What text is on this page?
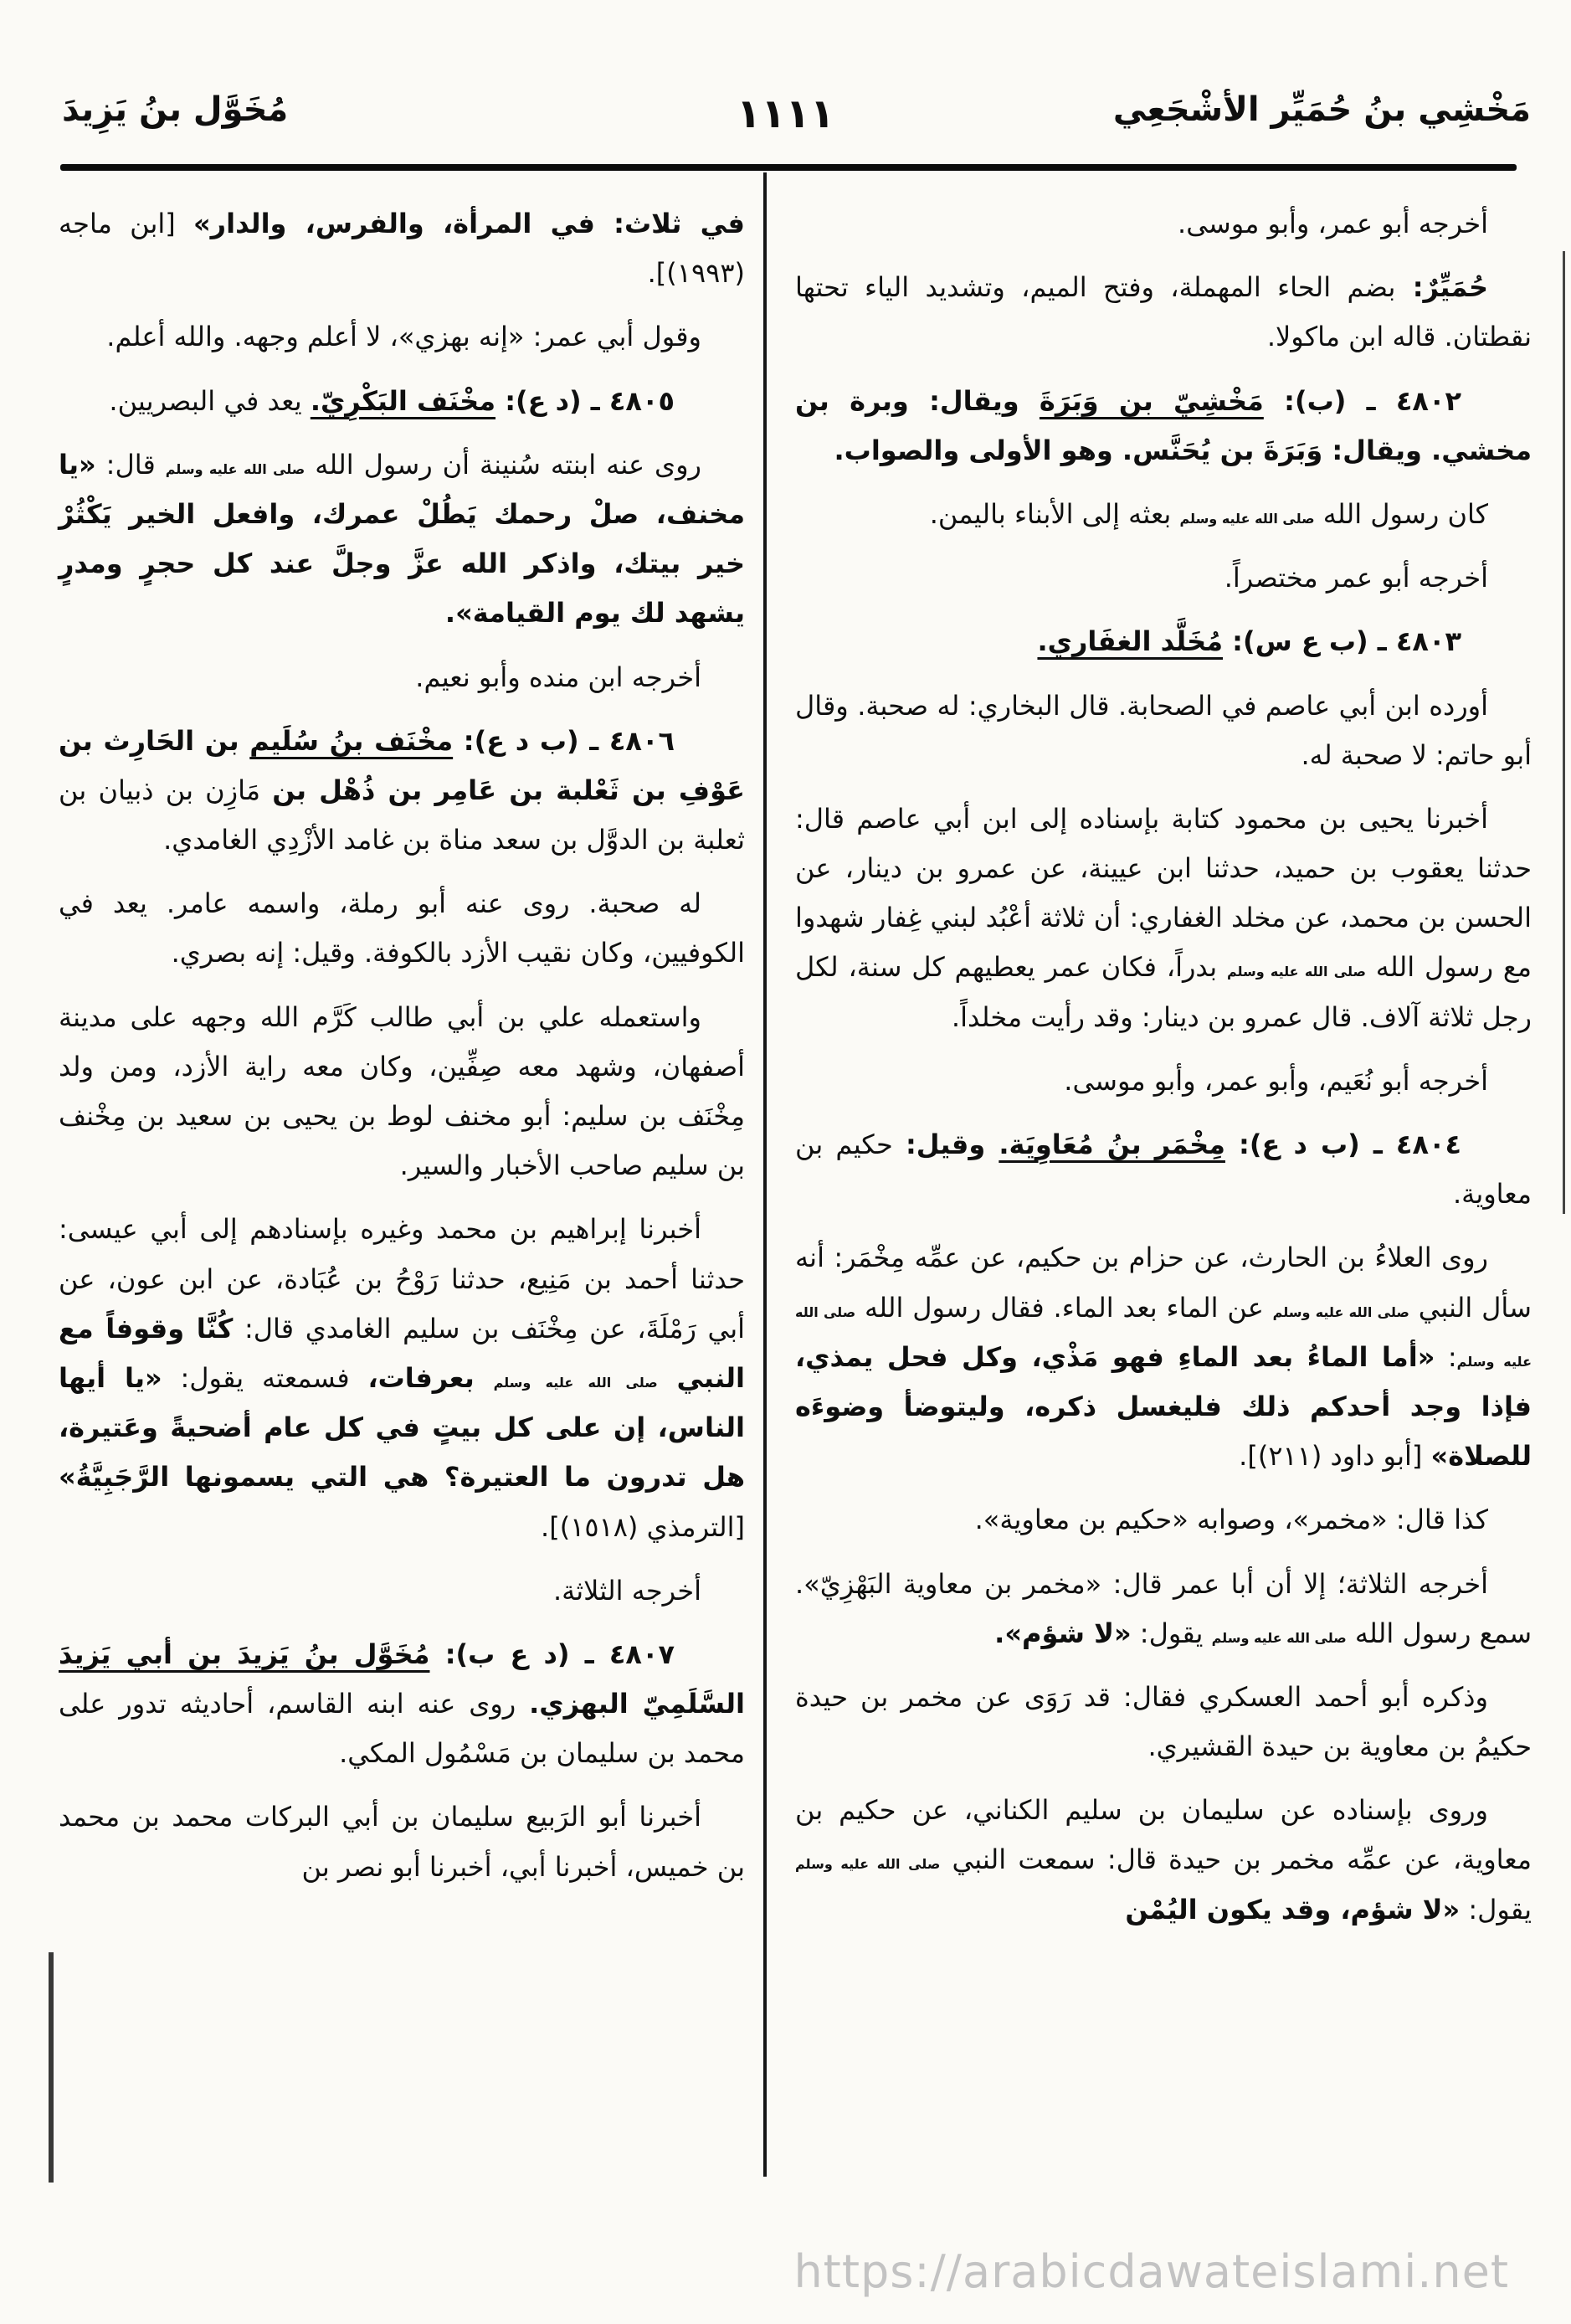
مَخْشِي بنُ حُمَيِّر الأشْجَعِي
١١١١
مُخَوَّل بنُ يَزِيدَ

أخرجه أبو عمر، وأبو موسى.

حُمَيِّرٌ: بضم الحاء المهملة، وفتح الميم، وتشديد الياء تحتها نقطتان. قاله ابن ماكولا.

٤٨٠٢ ـ (ب): مَخْشِيّ بن وَبَرَةَ ويقال: وبرة بن مخشي. ويقال: وَبَرَةَ بن يُحَنَّس. وهو الأولى والصواب.

كان رسول الله صلى الله عليه وسلم بعثه إلى الأبناء باليمن.

أخرجه أبو عمر مختصراً.

٤٨٠٣ ـ (ب ع س): مُخَلَّد الغفَاري.

أورده ابن أبي عاصم في الصحابة. قال البخاري: له صحبة. وقال أبو حاتم: لا صحبة له.

أخبرنا يحيى بن محمود كتابة بإسناده إلى ابن أبي عاصم قال: حدثنا يعقوب بن حميد، حدثنا ابن عيينة، عن عمرو بن دينار، عن الحسن بن محمد، عن مخلد الغفاري: أن ثلاثة أعْبُد لبني غِفار شهدوا مع رسول الله صلى الله عليه وسلم بدراً، فكان عمر يعطيهم كل سنة، لكل رجل ثلاثة آلاف. قال عمرو بن دينار: وقد رأيت مخلداً.

أخرجه أبو نُعَيم، وأبو عمر، وأبو موسى.

٤٨٠٤ ـ (ب د ع): مِخْمَر بنُ مُعَاوِيَة. وقيل: حكيم بن معاوية.

روى العلاءُ بن الحارث، عن حزام بن حكيم، عن عمِّه مِخْمَر: أنه سأل النبي صلى الله عليه وسلم عن الماء بعد الماء. فقال رسول الله صلى الله عليه وسلم: «أما الماءُ بعد الماءِ فهو مَذْي، وكل فحل يمذي، فإذا وجد أحدكم ذلك فليغسل ذكره، وليتوضأ وضوءَه للصلاة» [أبو داود (٢١١)].

كذا قال: «مخمر»، وصوابه «حكيم بن معاوية».

أخرجه الثلاثة؛ إلا أن أبا عمر قال: «مخمر بن معاوية البَهْزِيّ». سمع رسول الله صلى الله عليه وسلم يقول: «لا شؤم».

وذكره أبو أحمد العسكري فقال: قد رَوَى عن مخمر بن حيدة حكيمُ بن معاوية بن حيدة القشيري.

وروى بإسناده عن سليمان بن سليم الكناني، عن حكيم بن معاوية، عن عمِّه مخمر بن حيدة قال: سمعت النبي صلى الله عليه وسلم يقول: «لا شؤم، وقد يكون اليُمْن

في ثلاث: في المرأة، والفرس، والدار» [ابن ماجه (١٩٩٣)].

وقول أبي عمر: «إنه بهزي»، لا أعلم وجهه. والله أعلم.

٤٨٠٥ ـ (د ع): مخْنَف البَكْرِيّ. يعد في البصريين.

روى عنه ابنته سُنينة أن رسول الله صلى الله عليه وسلم قال: «يا مخنف، صلْ رحمك يَطُلْ عمرك، وافعل الخير يَكْثُرْ خير بيتك، واذكر الله عزَّ وجلَّ عند كل حجرٍ ومدرٍ يشهد لك يوم القيامة».

أخرجه ابن منده وأبو نعيم.

٤٨٠٦ ـ (ب د ع): مخْنَف بنُ سُلَيم بن الحَارِث بن عَوْفِ بن ثَعْلبة بن عَامِر بن ذُهْل بن مَازِن بن ذبيان بن ثعلبة بن الدوَّل بن سعد مناة بن غامد الأزْدِي الغامدي.

له صحبة. روى عنه أبو رملة، واسمه عامر. يعد في الكوفيين، وكان نقيب الأزد بالكوفة. وقيل: إنه بصري.

واستعمله علي بن أبي طالب كَرَّم الله وجهه على مدينة أصفهان، وشهد معه صِفِّين، وكان معه راية الأزد، ومن ولد مِخْنَف بن سليم: أبو مخنف لوط بن يحيى بن سعيد بن مِخْنف بن سليم صاحب الأخبار والسير.

أخبرنا إبراهيم بن محمد وغيره بإسنادهم إلى أبي عيسى: حدثنا أحمد بن مَنِيع، حدثنا رَوْحُ بن عُبَادة، عن ابن عون، عن أبي رَمْلَةَ، عن مِخْنَف بن سليم الغامدي قال: كُنَّا وقوفاً مع النبي صلى الله عليه وسلم بعرفات، فسمعته يقول: «يا أيها الناس، إن على كل بيتٍ في كل عام أضحيةً وعَتيرة، هل تدرون ما العتيرة؟ هي التي يسمونها الرَّجَبِيَّةُ» [الترمذي (١٥١٨)].

أخرجه الثلاثة.

٤٨٠٧ ـ (د ع ب): مُخَوَّل بنُ يَزيدَ بن أبي يَزيدَ السَّلَمِيّ البهزي. روى عنه ابنه القاسم، أحاديثه تدور على محمد بن سليمان بن مَسْمُول المكي.

أخبرنا أبو الرَبيع سليمان بن أبي البركات محمد بن محمد بن خميس، أخبرنا أبي، أخبرنا أبو نصر بن

https://arabicdawateislami.net
